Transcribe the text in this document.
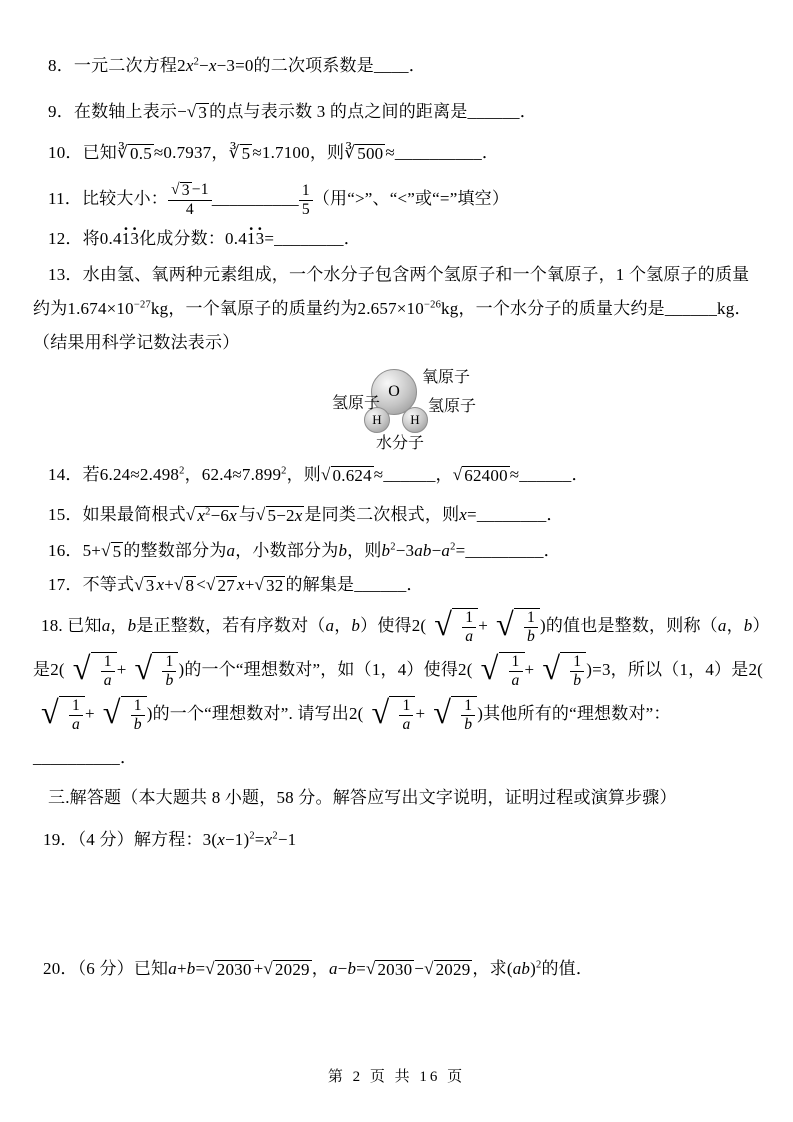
8．一元二次方程$2x^2-x-3=0$的二次项系数是____．

9．在数轴上表示− √ 3 的点与表示数 3 的点之间的距离是______．

10．已知 ∛ 0.5 ≈0.7937， ∛ 5 ≈1.7100，则 ∛ 500 ≈__________．

11．比较大小： $\frac{√ 3 -1}{4}$ __________ $\frac{1}{5}$ （用“>”、“<”或“=”填空）

12．将0.4· 1· 3化成分数：0.4· 1· 3=________．

13．水由氢、氧两种元素组成，一个水分子包含两个氢原子和一个氧原子，1 个氢原子的质量约为$1.674\times 10^{-27}kg$，一个氧原子的质量约为$2.657\times 10^{-26}kg$，一个水分子的质量大约是______kg．（结果用科学记数法表示）

O
H H
氧原子
氢原子	氢原子
水分子

14．若$6.24\approx 2.498^2$，$62.4\approx 7.899^2$，则 √ 0.624 ≈______， √ 62400 ≈______．

15．如果最简根式 √ $x^2-6x$ 与 √ 5−2x 是同类二次根式，则x=________．

16．5+ √ 5 的整数部分为a，小数部分为b，则$b^2-3ab-a^2=\_\_\_\_\_\_\_\_\_$．

17．不等式 √ 3 x+ √ 8 < √ 27 x+ √ 32 的解集是______．

18. 已知a，b是正整数，若有序数对（a，b）使得2( √ $\frac{1}{a}$ + √ $\frac{1}{b}$ )的值也是整数，则称（a，b）是2( √ $\frac{1}{a}$ + √ $\frac{1}{b}$ )的一个“理想数对”，如（1，4）使得2( √ $\frac{1}{a}$ + √ $\frac{1}{b} )=3$，所以（1，4）是2(
√ $\frac{1}{a}$ + √ $\frac{1}{b}$ )的一个“理想数对”. 请写出2( √ $\frac{1}{a}$ + √ $\frac{1}{b}$ )其他所有的“理想数对”：__________．

三.解答题（本大题共 8 小题，58 分。解答应写出文字说明，证明过程或演算步骤）

19．（4 分）解方程：$3(x-1)^2=x^2-1$

20．（6 分）已知a+b= √ 2030 + √ 2029 ，a−b= √ 2030 − √ 2029 ，求(ab)$^2$的值．

第 2 页 共 16 页
